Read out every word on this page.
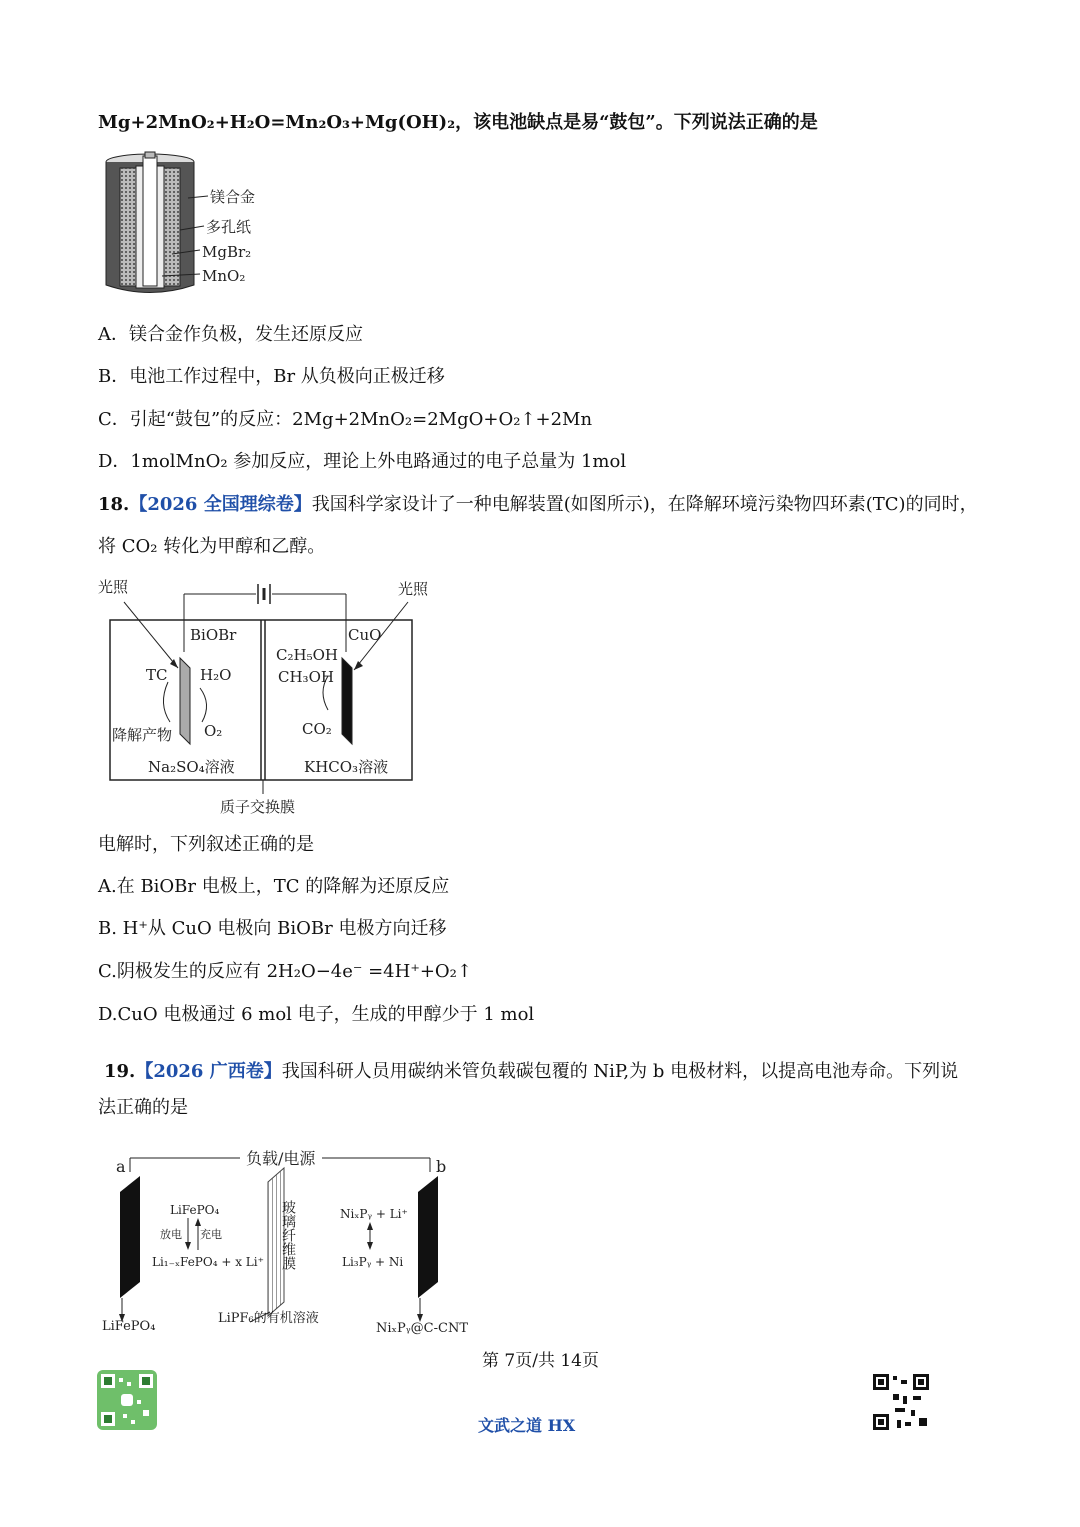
Mg+2MnO₂+H₂O=Mn₂O₃+Mg(OH)₂，该电池缺点是易“鼓包”。下列说法正确的是
镁合金
多孔纸
MgBr₂
MnO₂
A．镁合金作负极，发生还原反应
B．电池工作过程中，Br 从负极向正极迁移
C．引起“鼓包”的反应：2Mg+2MnO₂=2MgO+O₂↑+2Mn
D．1molMnO₂ 参加反应，理论上外电路通过的电子总量为 1mol
18.【2026 全国理综卷】我国科学家设计了一种电解装置(如图所示)，在降解环境污染物四环素(TC)的同时，
将 CO₂ 转化为甲醇和乙醇。
光照	光照
BiOBr	CuO
TC H₂O
降解产物 O₂
C₂H₅OH
CH₃OH
CO₂
Na₂SO₄溶液	KHCO₃溶液
质子交换膜
电解时，下列叙述正确的是
A.在 BiOBr 电极上，TC 的降解为还原反应
B. H⁺从 CuO 电极向 BiOBr 电极方向迁移
C.阴极发生的反应有 2H₂O−4e⁻ =4H⁺+O₂↑
D.CuO 电极通过 6 mol 电子，生成的甲醇少于 1 mol
19.【2026 广西卷】我国科研人员用碳纳米管负载碳包覆的 NiP,为 b 电极材料，以提高电池寿命。下列说
法正确的是
a	b
负载/电源
LiFePO₄
放电 充电
Li₁₋ₓFePO₄ + x Li⁺
NiₓPᵧ + Li⁺
Li₃Pᵧ + Ni
玻璃纤维膜
LiPF₆的有机溶液
LiFePO₄	NiₓPᵧ@C-CNT
第 7页/共 14页
文武之道 HX
